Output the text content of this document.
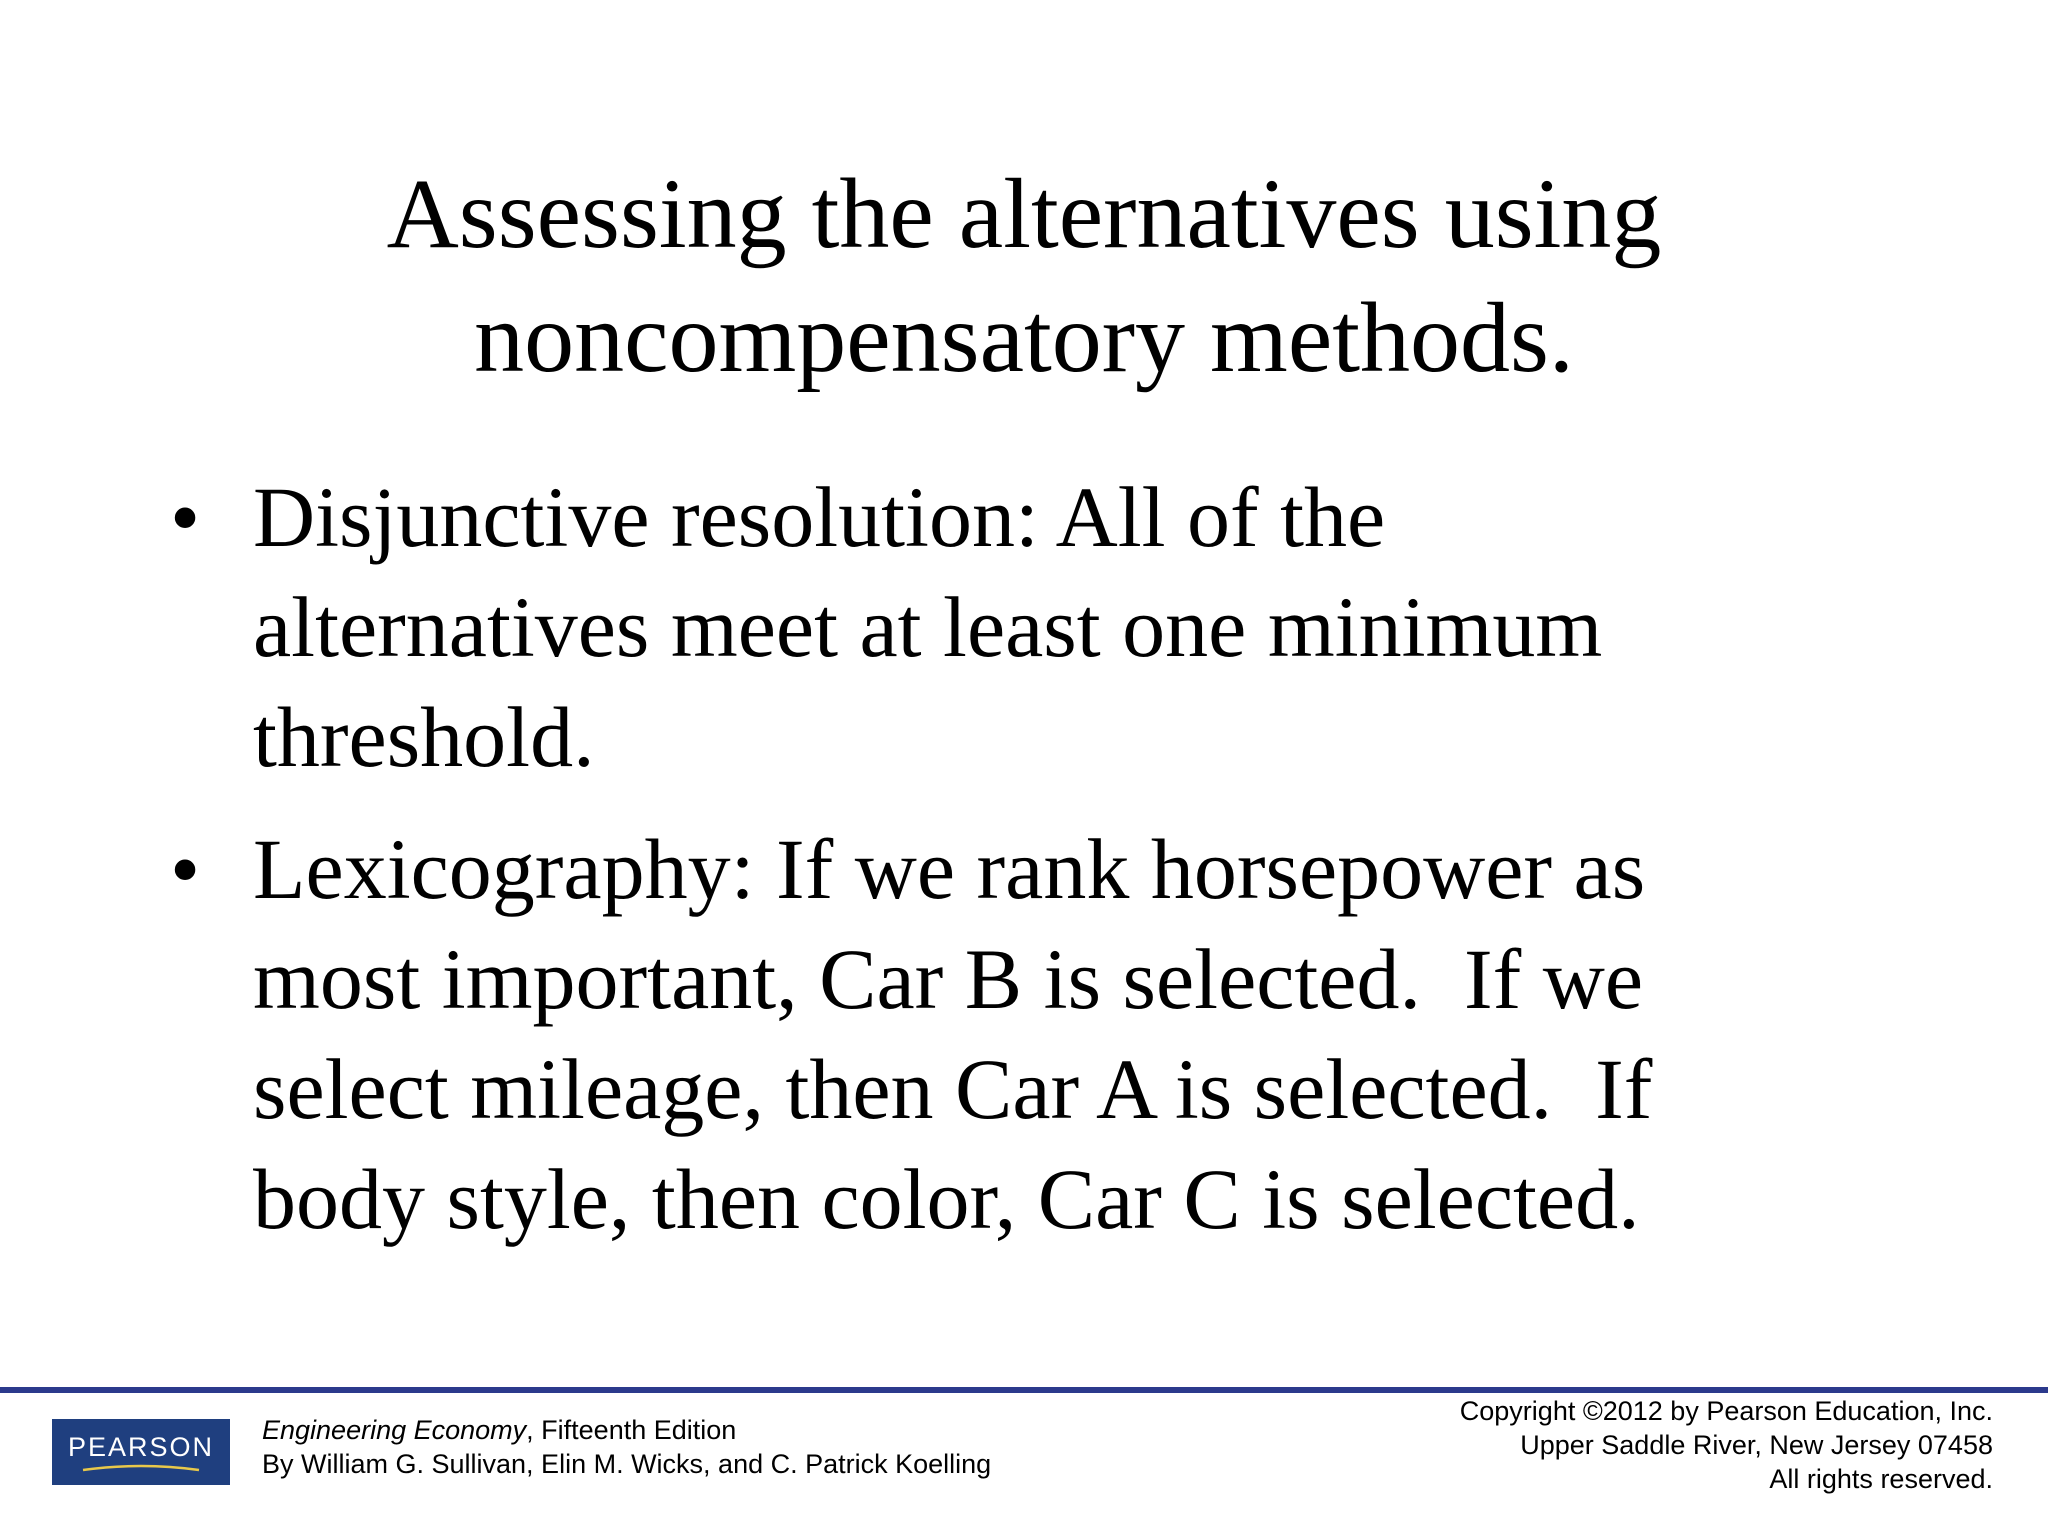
Assessing the alternatives using
noncompensatory methods.
• Disjunctive resolution: All of the
alternatives meet at least one minimum
threshold.
• Lexicography: If we rank horsepower as
most important, Car B is selected.  If we
select mileage, then Car A is selected.  If
body style, then color, Car C is selected.
PEARSON
Engineering Economy, Fifteenth Edition
By William G. Sullivan, Elin M. Wicks, and C. Patrick Koelling
Copyright ©2012 by Pearson Education, Inc.
Upper Saddle River, New Jersey 07458
All rights reserved.
